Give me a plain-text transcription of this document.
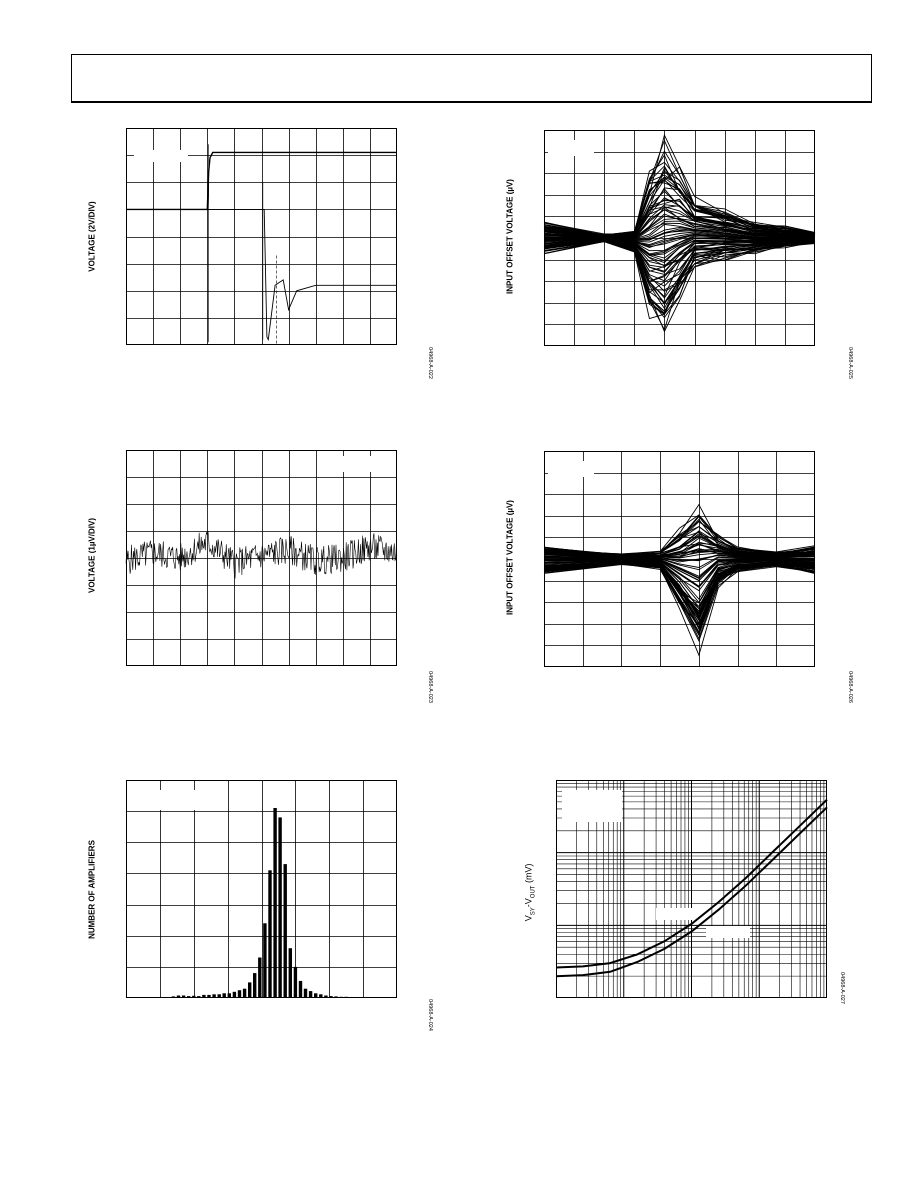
VOLTAGE (2V/DIV)
04968-A-022
INPUT OFFSET VOLTAGE (µV)
04968-A-025
VOLTAGE (1µV/DIV)
04968-A-023
INPUT OFFSET VOLTAGE (µV)
04968-A-026
NUMBER OF AMPLIFIERS
04968-A-024
$V_{SY}-V_{OUT}$ (mV)
04968-A-027
